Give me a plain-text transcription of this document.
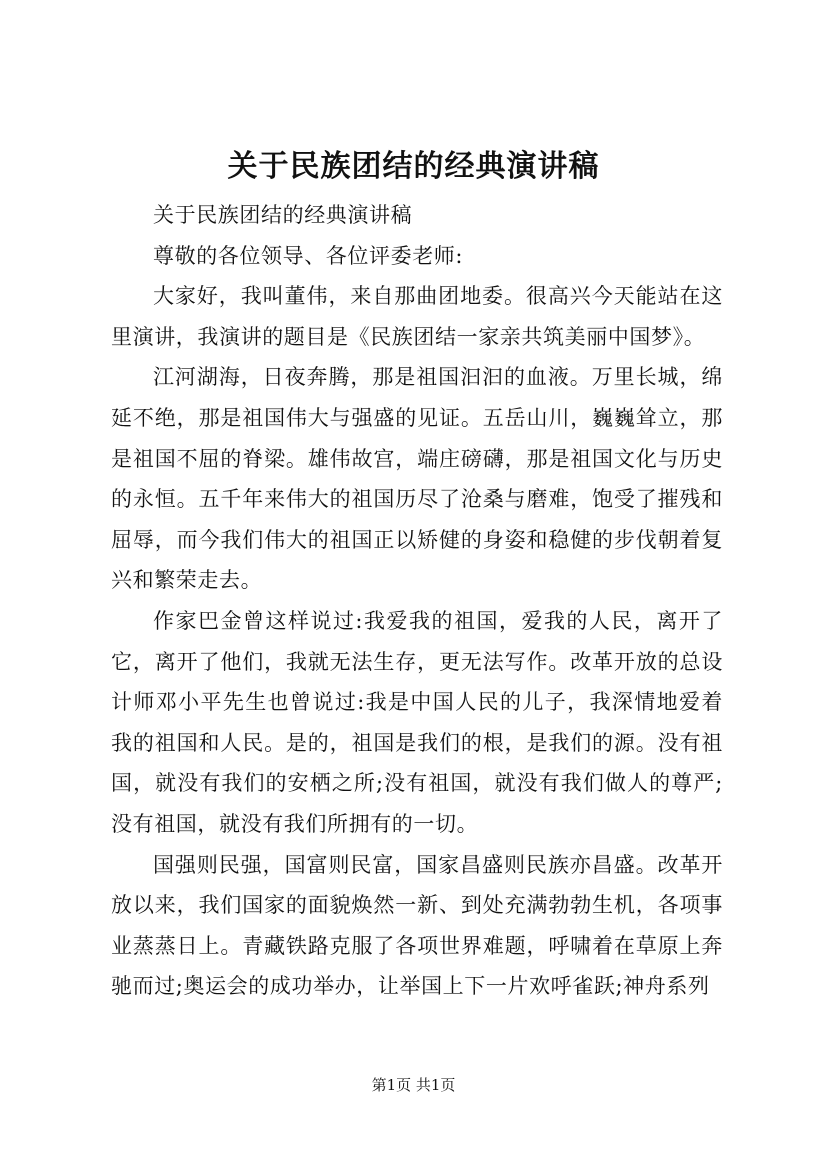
关于民族团结的经典演讲稿

关于民族团结的经典演讲稿

尊敬的各位领导、各位评委老师:

大家好，我叫董伟，来自那曲团地委。很高兴今天能站在这里演讲，我演讲的题目是《民族团结一家亲共筑美丽中国梦》。

江河湖海，日夜奔腾，那是祖国汩汩的血液。万里长城，绵延不绝，那是祖国伟大与强盛的见证。五岳山川，巍巍耸立，那是祖国不屈的脊梁。雄伟故宫，端庄磅礴，那是祖国文化与历史的永恒。五千年来伟大的祖国历尽了沧桑与磨难，饱受了摧残和屈辱，而今我们伟大的祖国正以矫健的身姿和稳健的步伐朝着复兴和繁荣走去。

作家巴金曾这样说过:我爱我的祖国，爱我的人民，离开了它，离开了他们，我就无法生存，更无法写作。改革开放的总设计师邓小平先生也曾说过:我是中国人民的儿子，我深情地爱着我的祖国和人民。是的，祖国是我们的根，是我们的源。没有祖国，就没有我们的安栖之所;没有祖国，就没有我们做人的尊严;没有祖国，就没有我们所拥有的一切。

国强则民强，国富则民富，国家昌盛则民族亦昌盛。改革开放以来，我们国家的面貌焕然一新、到处充满勃勃生机，各项事业蒸蒸日上。青藏铁路克服了各项世界难题，呼啸着在草原上奔驰而过;奥运会的成功举办，让举国上下一片欢呼雀跃;神舟系列

第1页 共1页
